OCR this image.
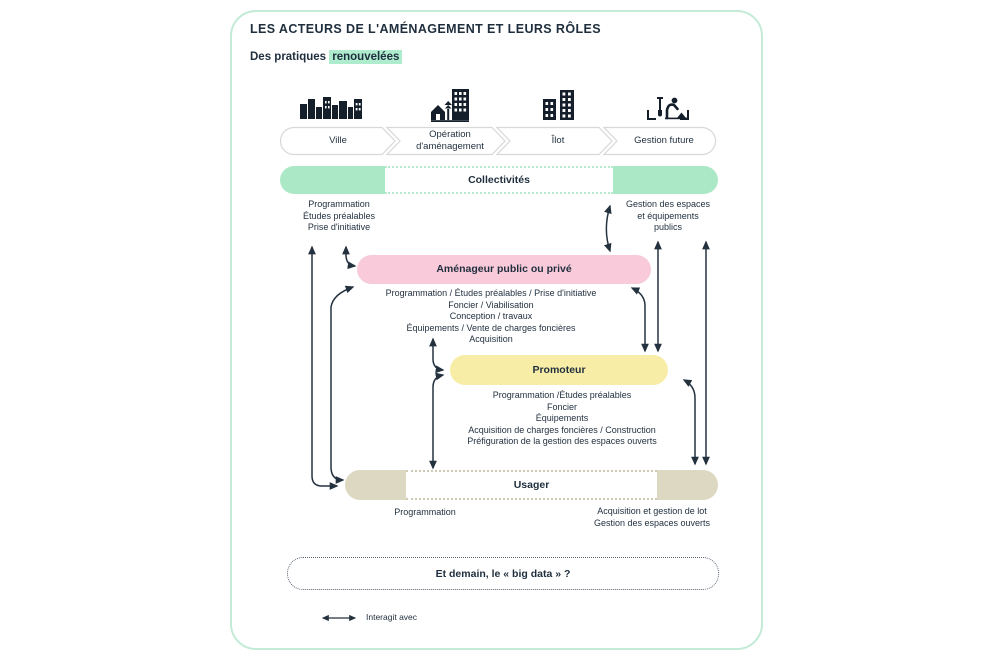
LES ACTEURS DE L'AMÉNAGEMENT ET LEURS RÔLES
Des pratiques renouvelées
Ville
Opération d'aménagement
Îlot	Gestion future
Collectivités
Programmation
Études préalables
Prise d'initiative
Gestion des espaces
et équipements
publics
Aménageur public ou privé
Programmation / Études préalables / Prise d'initiative
Foncier / Viabilisation
Conception / travaux
Équipements / Vente de charges foncières
Acquisition
Promoteur
Programmation /Études préalables
Foncier
Équipements
Acquisition de charges foncières / Construction
Préfiguration de la gestion des espaces ouverts
Usager
Programmation	Acquisition et gestion de lot
Gestion des espaces ouverts
Et demain, le « big data » ?
Interagit avec
